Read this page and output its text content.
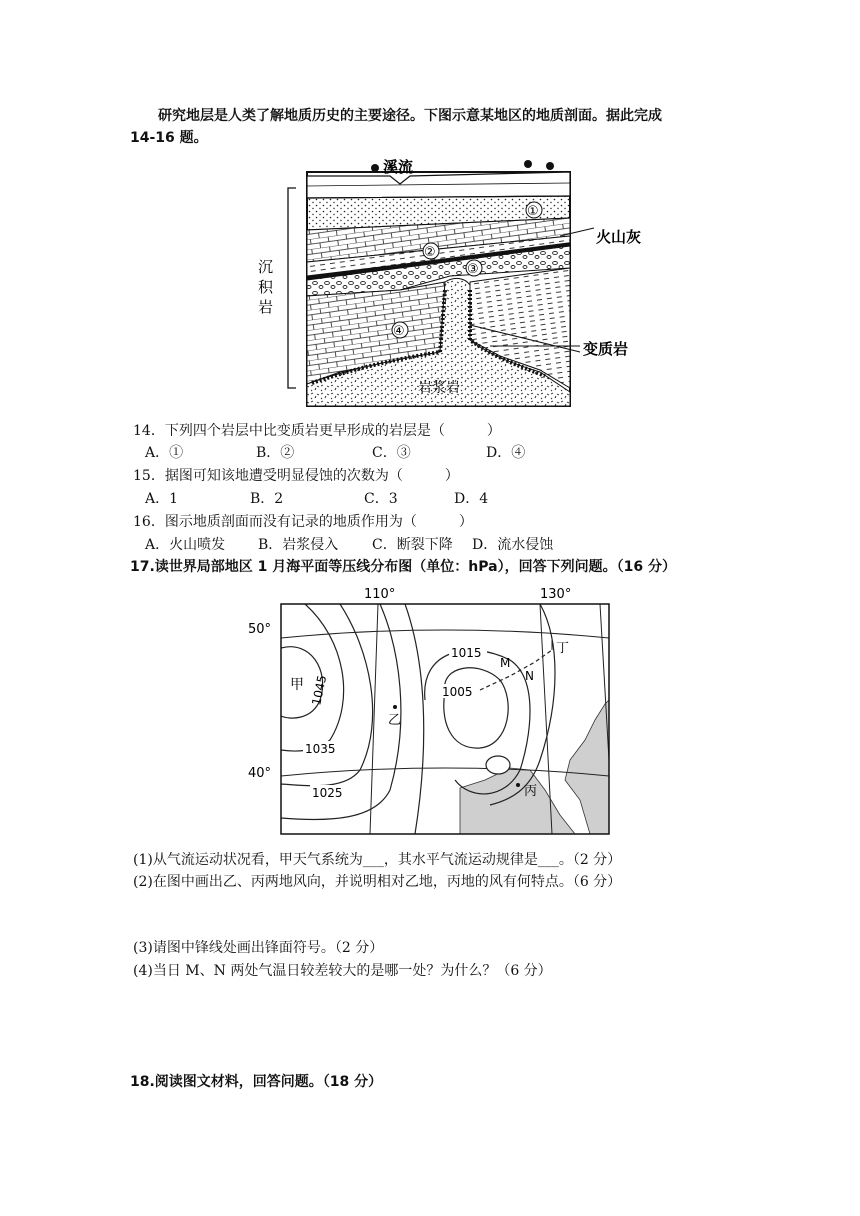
研究地层是人类了解地质历史的主要途径。下图示意某地区的地质剖面。据此完成
14-16 题。
溪流
沉
积
岩
①
②
③
④
火山灰
变质岩
岩浆岩
14．下列四个岩层中比变质岩更早形成的岩层是（　　　）
A．①	B．②	C．③	D．④
15．据图可知该地遭受明显侵蚀的次数为（　　　）
A．1	B．2	C．3	D．4
16．图示地质剖面而没有记录的地质作用为（　　　）
A．火山喷发 B．岩浆侵入 C．断裂下降 D．流水侵蚀
17.读世界局部地区 1 月海平面等压线分布图（单位：hPa），回答下列问题。（16 分）
110°	130°
50°
40°
1045
1035
1025
1015
1005
甲
乙
丙
丁
M
N
(1)从气流运动状况看，甲天气系统为___，其水平气流运动规律是___。（2 分）
(2)在图中画出乙、丙两地风向，并说明相对乙地，丙地的风有何特点。（6 分）
(3)请图中锋线处画出锋面符号。（2 分）
(4)当日 M、N 两处气温日较差较大的是哪一处？为什么？（6 分）
18.阅读图文材料，回答问题。（18 分）
